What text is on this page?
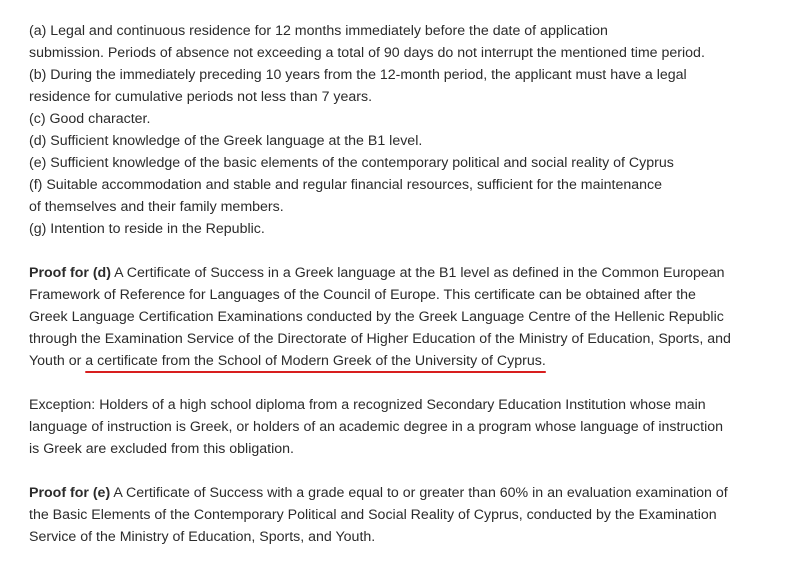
(a) Legal and continuous residence for 12 months immediately before the date of application
submission. Periods of absence not exceeding a total of 90 days do not interrupt the mentioned time period.
(b) During the immediately preceding 10 years from the 12-month period, the applicant must have a legal
residence for cumulative periods not less than 7 years.
(c) Good character.
(d) Sufficient knowledge of the Greek language at the B1 level.
(e) Sufficient knowledge of the basic elements of the contemporary political and social reality of Cyprus
(f) Suitable accommodation and stable and regular financial resources, sufficient for the maintenance
of themselves and their family members.
(g) Intention to reside in the Republic.
Proof for (d) A Certificate of Success in a Greek language at the B1 level as defined in the Common European
Framework of Reference for Languages of the Council of Europe. This certificate can be obtained after the
Greek Language Certification Examinations conducted by the Greek Language Centre of the Hellenic Republic
through the Examination Service of the Directorate of Higher Education of the Ministry of Education, Sports, and
Youth or a certificate from the School of Modern Greek of the University of Cyprus.
Exception: Holders of a high school diploma from a recognized Secondary Education Institution whose main
language of instruction is Greek, or holders of an academic degree in a program whose language of instruction
is Greek are excluded from this obligation.
Proof for (e) A Certificate of Success with a grade equal to or greater than 60% in an evaluation examination of
the Basic Elements of the Contemporary Political and Social Reality of Cyprus, conducted by the Examination
Service of the Ministry of Education, Sports, and Youth.
